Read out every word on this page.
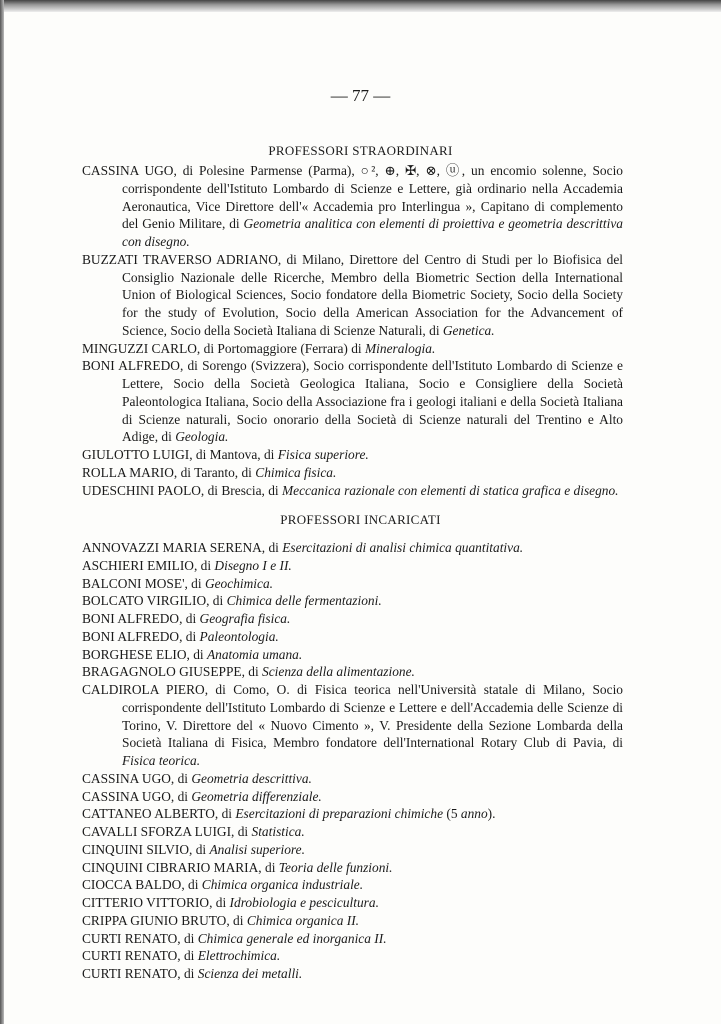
— 77 —
PROFESSORI STRAORDINARI
CASSINA UGO, di Polesine Parmense (Parma), ○², ⊕, ✠, ⊗, ⓤ, un encomio solenne, Socio corrispondente dell'Istituto Lombardo di Scienze e Lettere, già ordinario nella Accademia Aeronautica, Vice Direttore dell'« Accademia pro Interlingua », Capitano di complemento del Genio Militare, di Geometria analitica con elementi di proiettiva e geometria descrittiva con disegno.
BUZZATI TRAVERSO ADRIANO, di Milano, Direttore del Centro di Studi per lo Biofisica del Consiglio Nazionale delle Ricerche, Membro della Biometric Section della International Union of Biological Sciences, Socio fondatore della Biometric Society, Socio della Society for the study of Evolution, Socio della American Association for the Advancement of Science, Socio della Società Italiana di Scienze Naturali, di Genetica.
MINGUZZI CARLO, di Portomaggiore (Ferrara) di Mineralogia.
BONI ALFREDO, di Sorengo (Svizzera), Socio corrispondente dell'Istituto Lombardo di Scienze e Lettere, Socio della Società Geologica Italiana, Socio e Consigliere della Società Paleontologica Italiana, Socio della Associazione fra i geologi italiani e della Società Italiana di Scienze naturali, Socio onorario della Società di Scienze naturali del Trentino e Alto Adige, di Geologia.
GIULOTTO LUIGI, di Mantova, di Fisica superiore.
ROLLA MARIO, di Taranto, di Chimica fisica.
UDESCHINI PAOLO, di Brescia, di Meccanica razionale con elementi di statica grafica e disegno.
PROFESSORI INCARICATI
ANNOVAZZI MARIA SERENA, di Esercitazioni di analisi chimica quantitativa.
ASCHIERI EMILIO, di Disegno I e II.
BALCONI MOSE', di Geochimica.
BOLCATO VIRGILIO, di Chimica delle fermentazioni.
BONI ALFREDO, di Geografia fisica.
BONI ALFREDO, di Paleontologia.
BORGHESE ELIO, di Anatomia umana.
BRAGAGNOLO GIUSEPPE, di Scienza della alimentazione.
CALDIROLA PIERO, di Como, O. di Fisica teorica nell'Università statale di Milano, Socio corrispondente dell'Istituto Lombardo di Scienze e Lettere e dell'Accademia delle Scienze di Torino, V. Direttore del « Nuovo Cimento », V. Presidente della Sezione Lombarda della Società Italiana di Fisica, Membro fondatore dell'International Rotary Club di Pavia, di Fisica teorica.
CASSINA UGO, di Geometria descrittiva.
CASSINA UGO, di Geometria differenziale.
CATTANEO ALBERTO, di Esercitazioni di preparazioni chimiche (5 anno).
CAVALLI SFORZA LUIGI, di Statistica.
CINQUINI SILVIO, di Analisi superiore.
CINQUINI CIBRARIO MARIA, di Teoria delle funzioni.
CIOCCA BALDO, di Chimica organica industriale.
CITTERIO VITTORIO, di Idrobiologia e pescicultura.
CRIPPA GIUNIO BRUTO, di Chimica organica II.
CURTI RENATO, di Chimica generale ed inorganica II.
CURTI RENATO, di Elettrochimica.
CURTI RENATO, di Scienza dei metalli.
